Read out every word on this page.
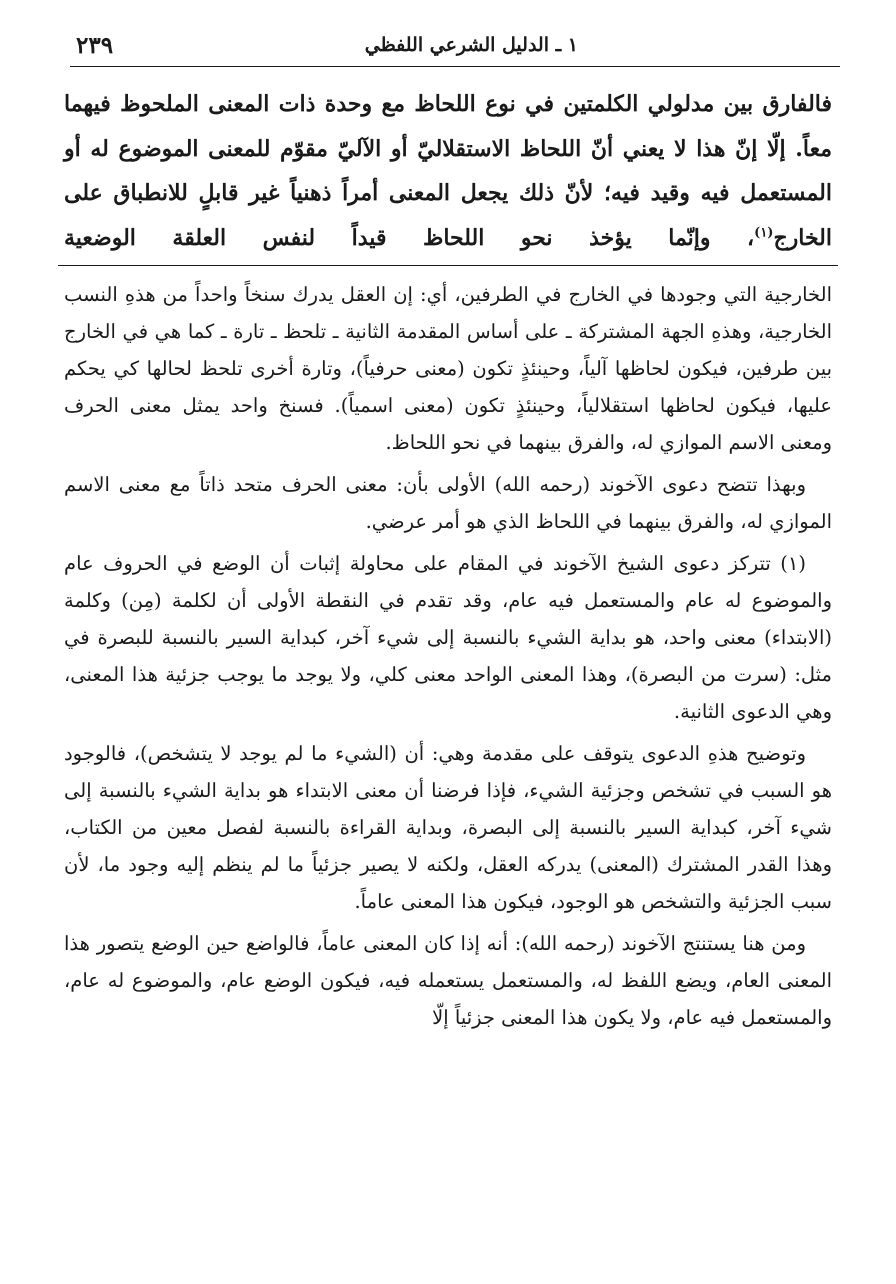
١ ـ الدليل الشرعي اللفظي
٢٣٩

فالفارق بين مدلولي الكلمتين في نوع اللحاظ مع وحدة ذات المعنى الملحوظ فيهما معاً. إلّا إنّ هذا لا يعني أنّ اللحاظ الاستقلاليّ أو الآليّ مقوّم للمعنى الموضوع له أو المستعمل فيه وقيد فيه؛ لأنّ ذلك يجعل المعنى أمراً ذهنياً غير قابلٍ للانطباق على الخارج$^{(١)}$، وإنّما يؤخذ نحو اللحاظ قيداً لنفس العلقة الوضعية

الخارجية التي وجودها في الخارج في الطرفين، أي: إن العقل يدرك سنخاً واحداً من هذهِ النسب الخارجية، وهذهِ الجهة المشتركة ـ على أساس المقدمة الثانية ـ تلحظ ـ تارة ـ كما هي في الخارج بين طرفين، فيكون لحاظها آلياً، وحينئذٍ تكون (معنى حرفياً)، وتارة أخرى تلحظ لحالها كي يحكم عليها، فيكون لحاظها استقلالياً، وحينئذٍ تكون (معنى اسمياً). فسنخ واحد يمثل معنى الحرف ومعنى الاسم الموازي له، والفرق بينهما في نحو اللحاظ.

وبهذا تتضح دعوى الآخوند (رحمه الله) الأولى بأن: معنى الحرف متحد ذاتاً مع معنى الاسم الموازي له، والفرق بينهما في اللحاظ الذي هو أمر عرضي.

(١) تتركز دعوى الشيخ الآخوند في المقام على محاولة إثبات أن الوضع في الحروف عام والموضوع له عام والمستعمل فيه عام، وقد تقدم في النقطة الأولى أن لكلمة (مِن) وكلمة (الابتداء) معنى واحد، هو بداية الشيء بالنسبة إلى شيء آخر، كبداية السير بالنسبة للبصرة في مثل: (سرت من البصرة)، وهذا المعنى الواحد معنى كلي، ولا يوجد ما يوجب جزئية هذا المعنى، وهي الدعوى الثانية.

وتوضيح هذهِ الدعوى يتوقف على مقدمة وهي: أن (الشيء ما لم يوجد لا يتشخص)، فالوجود هو السبب في تشخص وجزئية الشيء، فإذا فرضنا أن معنى الابتداء هو بداية الشيء بالنسبة إلى شيء آخر، كبداية السير بالنسبة إلى البصرة، وبداية القراءة بالنسبة لفصل معين من الكتاب، وهذا القدر المشترك (المعنى) يدركه العقل، ولكنه لا يصير جزئياً ما لم ينظم إليه وجود ما، لأن سبب الجزئية والتشخص هو الوجود، فيكون هذا المعنى عاماً.

ومن هنا يستنتج الآخوند (رحمه الله): أنه إذا كان المعنى عاماً، فالواضع حين الوضع يتصور هذا المعنى العام، ويضع اللفظ له، والمستعمل يستعمله فيه، فيكون الوضع عام، والموضوع له عام، والمستعمل فيه عام، ولا يكون هذا المعنى جزئياً إلّا
